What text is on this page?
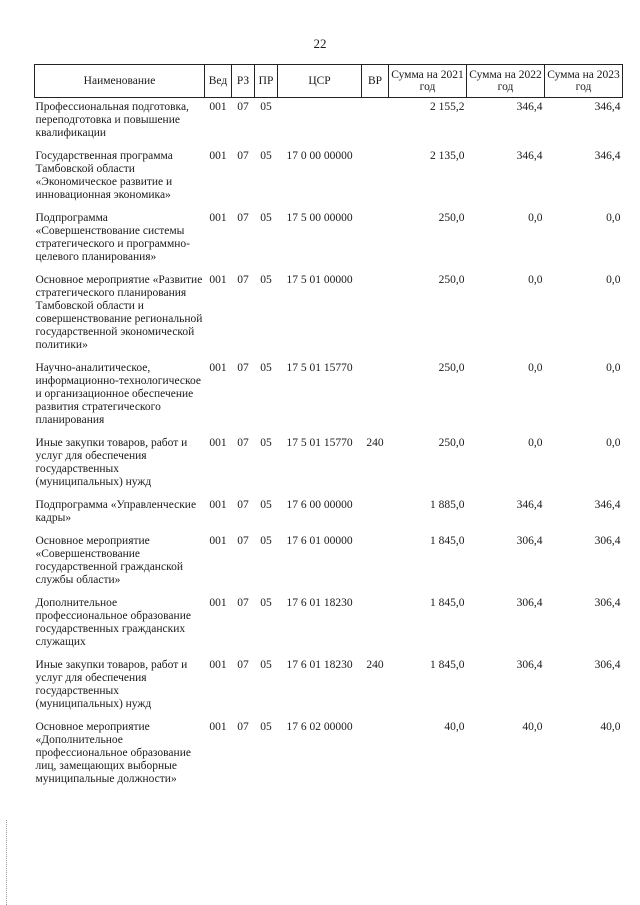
22
Наименование	Вед	РЗ	ПР	ЦСР	ВР	Сумма на 2021 год	Сумма на 2022 год	Сумма на 2023 год
Профессиональная подготовка, переподготовка и повышение квалификации	001	07	05			2 155,2	346,4	346,4
Государственная программа Тамбовской области «Экономическое развитие и инновационная экономика»	001	07	05	17 0 00 00000		2 135,0	346,4	346,4
Подпрограмма «Совершенствование системы стратегического и программно-целевого планирования»	001	07	05	17 5 00 00000		250,0	0,0	0,0
Основное мероприятие «Развитие стратегического планирования Тамбовской области и совершенствование региональной государственной экономической политики»	001	07	05	17 5 01 00000		250,0	0,0	0,0
Научно-аналитическое, информационно-технологическое и организационное обеспечение развития стратегического планирования	001	07	05	17 5 01 15770		250,0	0,0	0,0
Иные закупки товаров, работ и услуг для обеспечения государственных (муниципальных) нужд	001	07	05	17 5 01 15770	240	250,0	0,0	0,0
Подпрограмма «Управленческие кадры»	001	07	05	17 6 00 00000		1 885,0	346,4	346,4
Основное мероприятие «Совершенствование государственной гражданской службы области»	001	07	05	17 6 01 00000		1 845,0	306,4	306,4
Дополнительное профессиональное образование государственных гражданских служащих	001	07	05	17 6 01 18230		1 845,0	306,4	306,4
Иные закупки товаров, работ и услуг для обеспечения государственных (муниципальных) нужд	001	07	05	17 6 01 18230	240	1 845,0	306,4	306,4
Основное мероприятие «Дополнительное профессиональное образование лиц, замещающих выборные муниципальные должности»	001	07	05	17 6 02 00000		40,0	40,0	40,0
